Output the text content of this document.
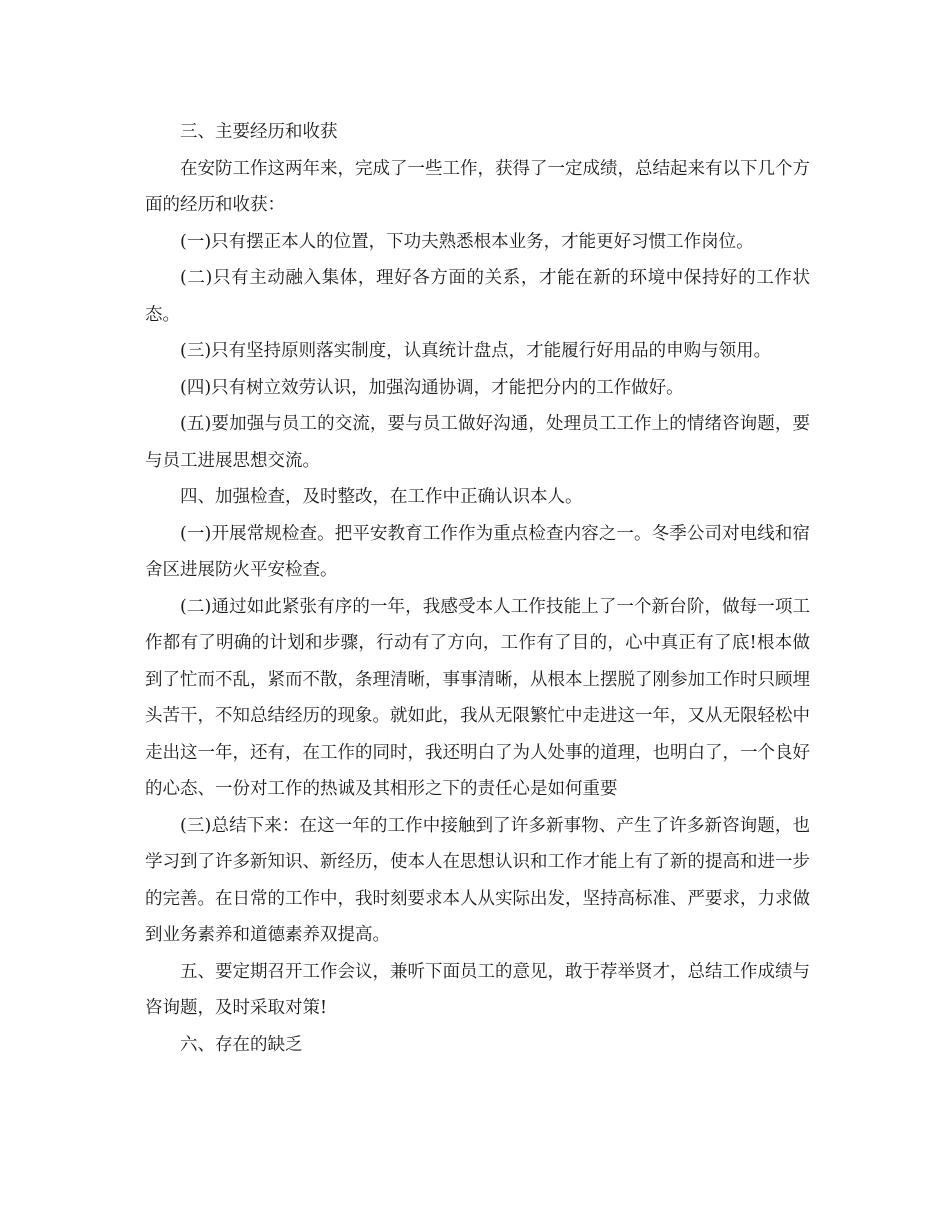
三、主要经历和收获

在安防工作这两年来，完成了一些工作，获得了一定成绩，总结起来有以下几个方面的经历和收获：

(一)只有摆正本人的位置，下功夫熟悉根本业务，才能更好习惯工作岗位。

(二)只有主动融入集体，理好各方面的关系，才能在新的环境中保持好的工作状态。

(三)只有坚持原则落实制度，认真统计盘点，才能履行好用品的申购与领用。

(四)只有树立效劳认识，加强沟通协调，才能把分内的工作做好。

(五)要加强与员工的交流，要与员工做好沟通，处理员工工作上的情绪咨询题，要与员工进展思想交流。

四、加强检查，及时整改，在工作中正确认识本人。

(一)开展常规检查。把平安教育工作作为重点检查内容之一。冬季公司对电线和宿舍区进展防火平安检查。

(二)通过如此紧张有序的一年，我感受本人工作技能上了一个新台阶，做每一项工作都有了明确的计划和步骤，行动有了方向，工作有了目的，心中真正有了底!根本做到了忙而不乱，紧而不散，条理清晰，事事清晰，从根本上摆脱了刚参加工作时只顾埋头苦干，不知总结经历的现象。就如此，我从无限繁忙中走进这一年，又从无限轻松中走出这一年，还有，在工作的同时，我还明白了为人处事的道理，也明白了，一个良好的心态、一份对工作的热诚及其相形之下的责任心是如何重要

(三)总结下来：在这一年的工作中接触到了许多新事物、产生了许多新咨询题，也学习到了许多新知识、新经历，使本人在思想认识和工作才能上有了新的提高和进一步的完善。在日常的工作中，我时刻要求本人从实际出发，坚持高标准、严要求，力求做到业务素养和道德素养双提高。

五、要定期召开工作会议，兼听下面员工的意见，敢于荐举贤才，总结工作成绩与咨询题，及时采取对策!

六、存在的缺乏
